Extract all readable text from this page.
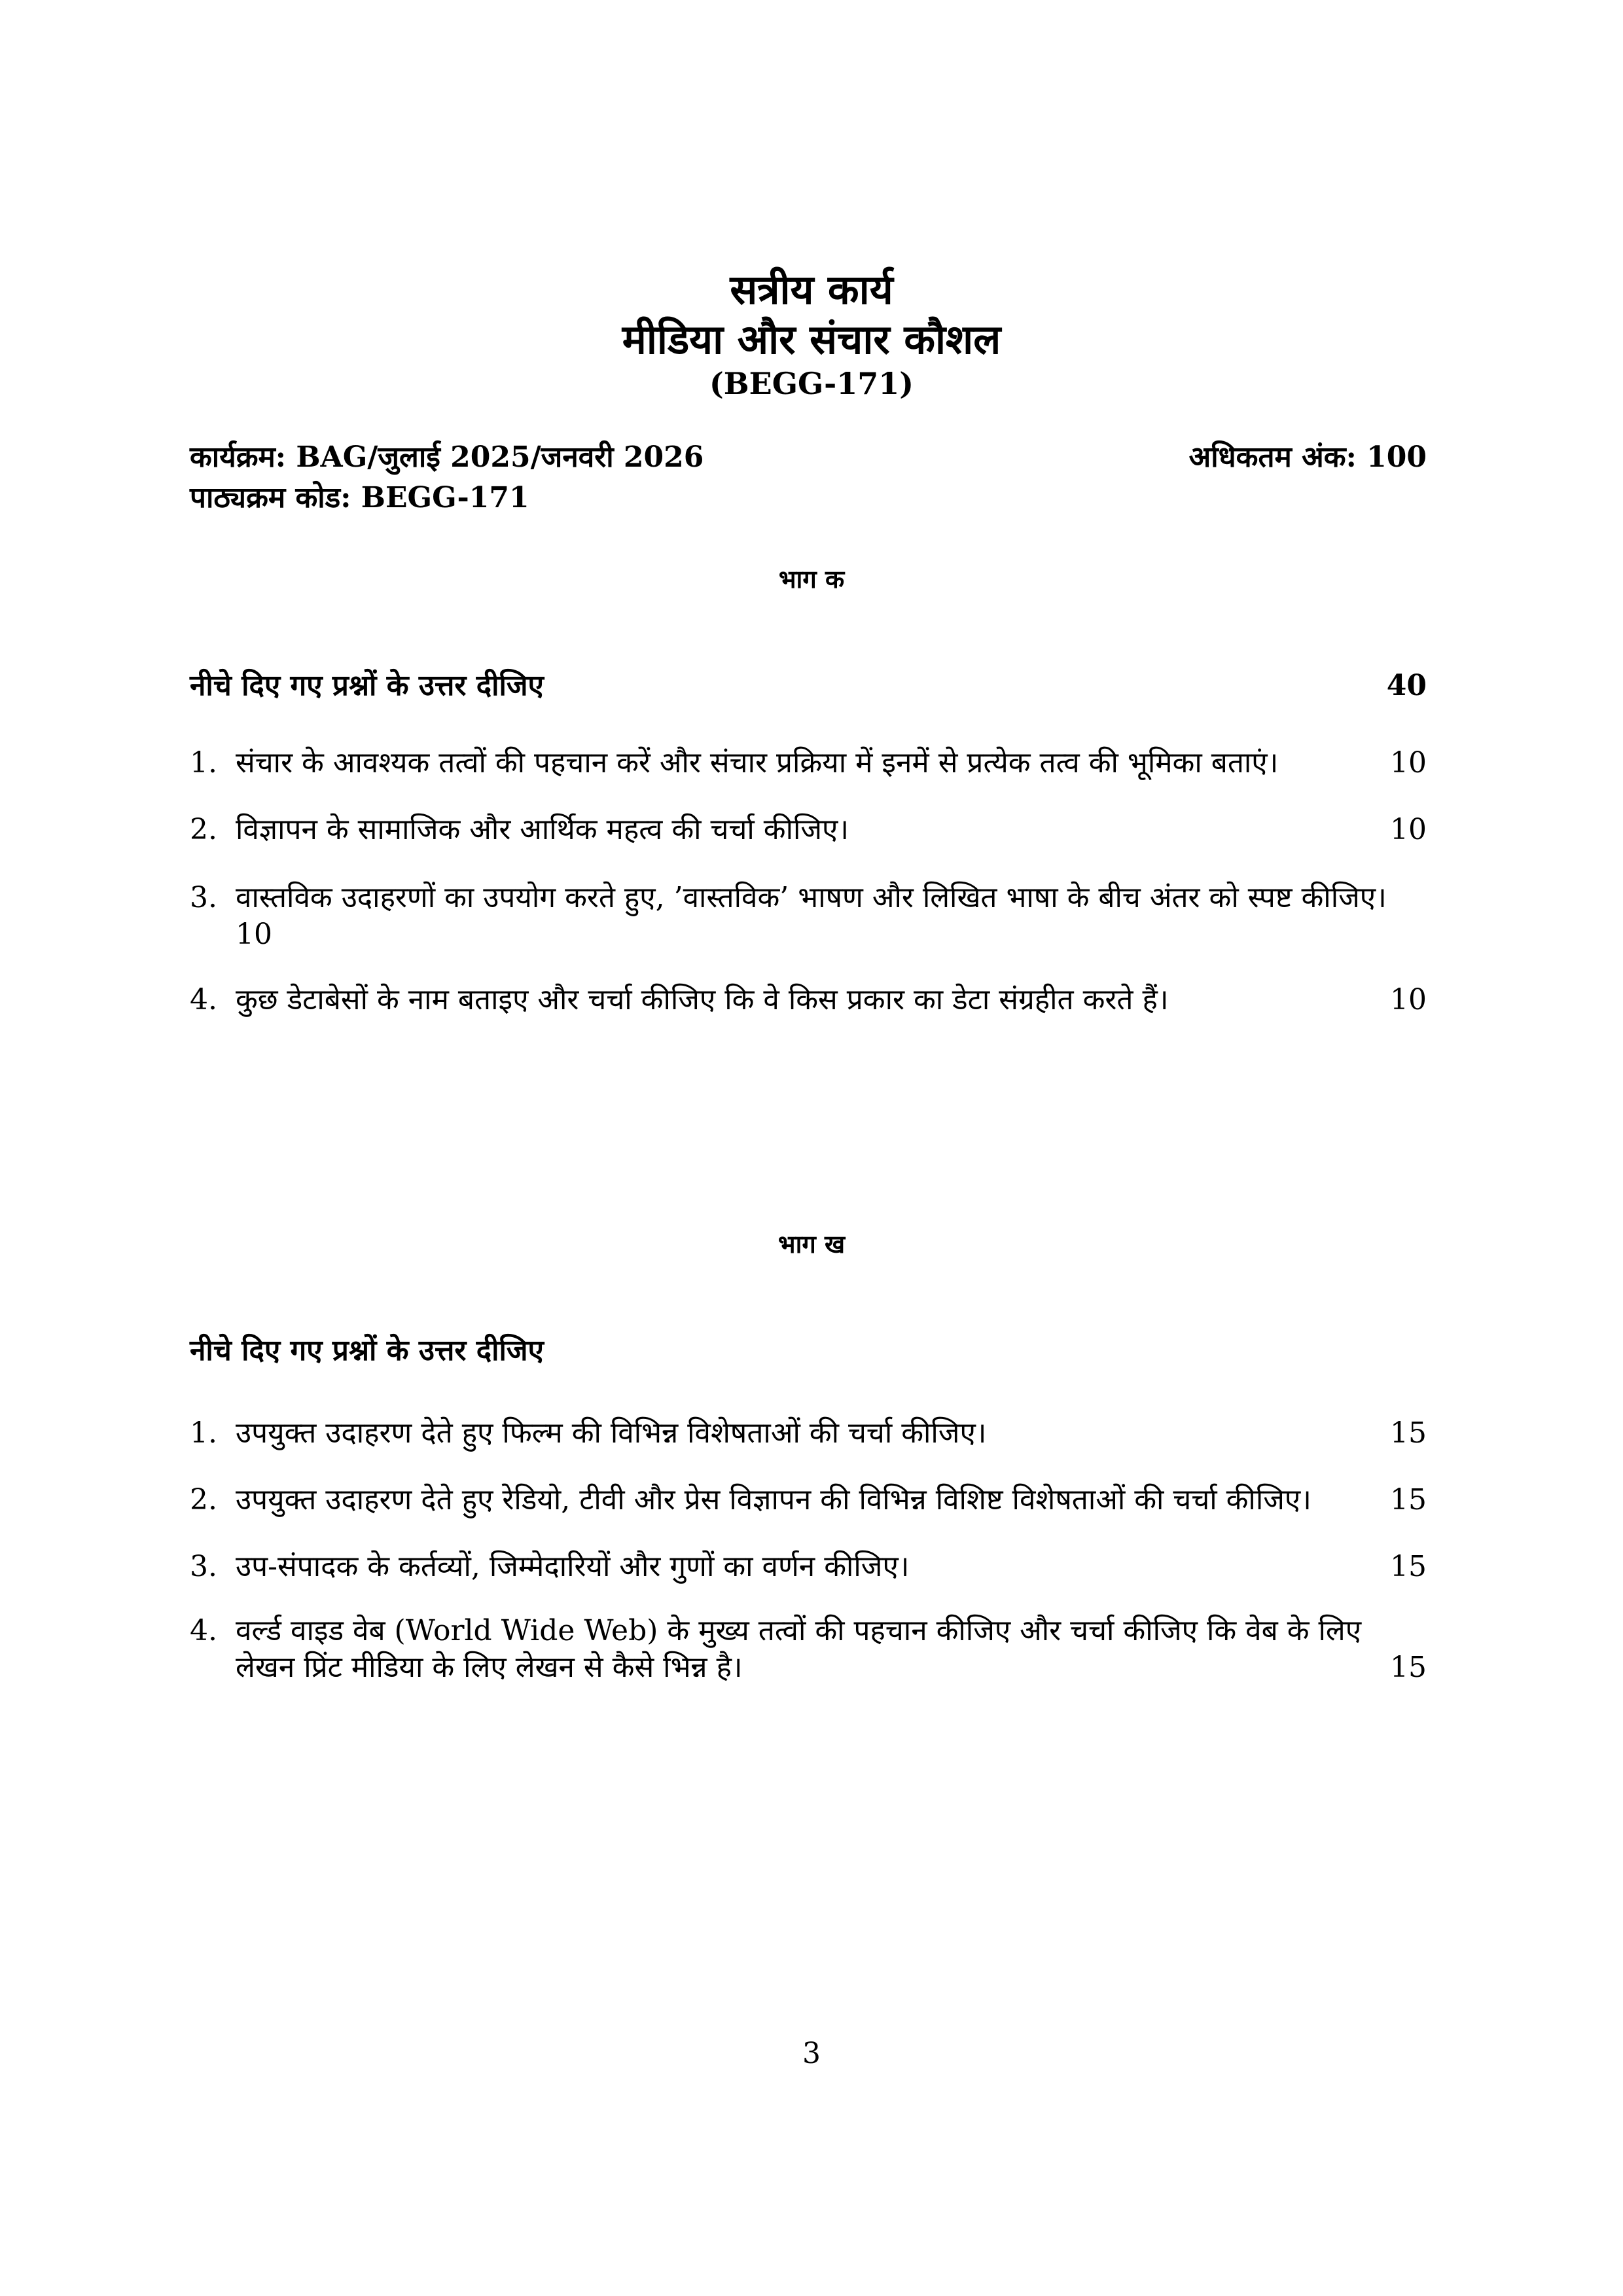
सत्रीय कार्य
मीडिया और संचार कौशल
(BEGG-171)
कार्यक्रम: BAG/जुलाई 2025/जनवरी 2026
पाठ्यक्रम कोड: BEGG-171
अधिकतम अंक: 100
भाग क
नीचे दिए गए प्रश्नों के उत्तर दीजिए	40
1. संचार के आवश्यक तत्वों की पहचान करें और संचार प्रक्रिया में इनमें से प्रत्येक तत्व की भूमिका बताएं।	10
2. विज्ञापन के सामाजिक और आर्थिक महत्व की चर्चा कीजिए।	10
3. वास्तविक उदाहरणों का उपयोग करते हुए, ’वास्तविक’ भाषण और लिखित भाषा के बीच अंतर को स्पष्ट कीजिए।
10
4. कुछ डेटाबेसों के नाम बताइए और चर्चा कीजिए कि वे किस प्रकार का डेटा संग्रहीत करते हैं।	10
भाग ख
नीचे दिए गए प्रश्नों के उत्तर दीजिए
1. उपयुक्त उदाहरण देते हुए फिल्म की विभिन्न विशेषताओं की चर्चा कीजिए।	15
2. उपयुक्त उदाहरण देते हुए रेडियो, टीवी और प्रेस विज्ञापन की विभिन्न विशिष्ट विशेषताओं की चर्चा कीजिए।	15
3. उप-संपादक के कर्तव्यों, जिम्मेदारियों और गुणों का वर्णन कीजिए।	15
4. वर्ल्ड वाइड वेब (World Wide Web) के मुख्य तत्वों की पहचान कीजिए और चर्चा कीजिए कि वेब के लिए
लेखन प्रिंट मीडिया के लिए लेखन से कैसे भिन्न है।	15
3
